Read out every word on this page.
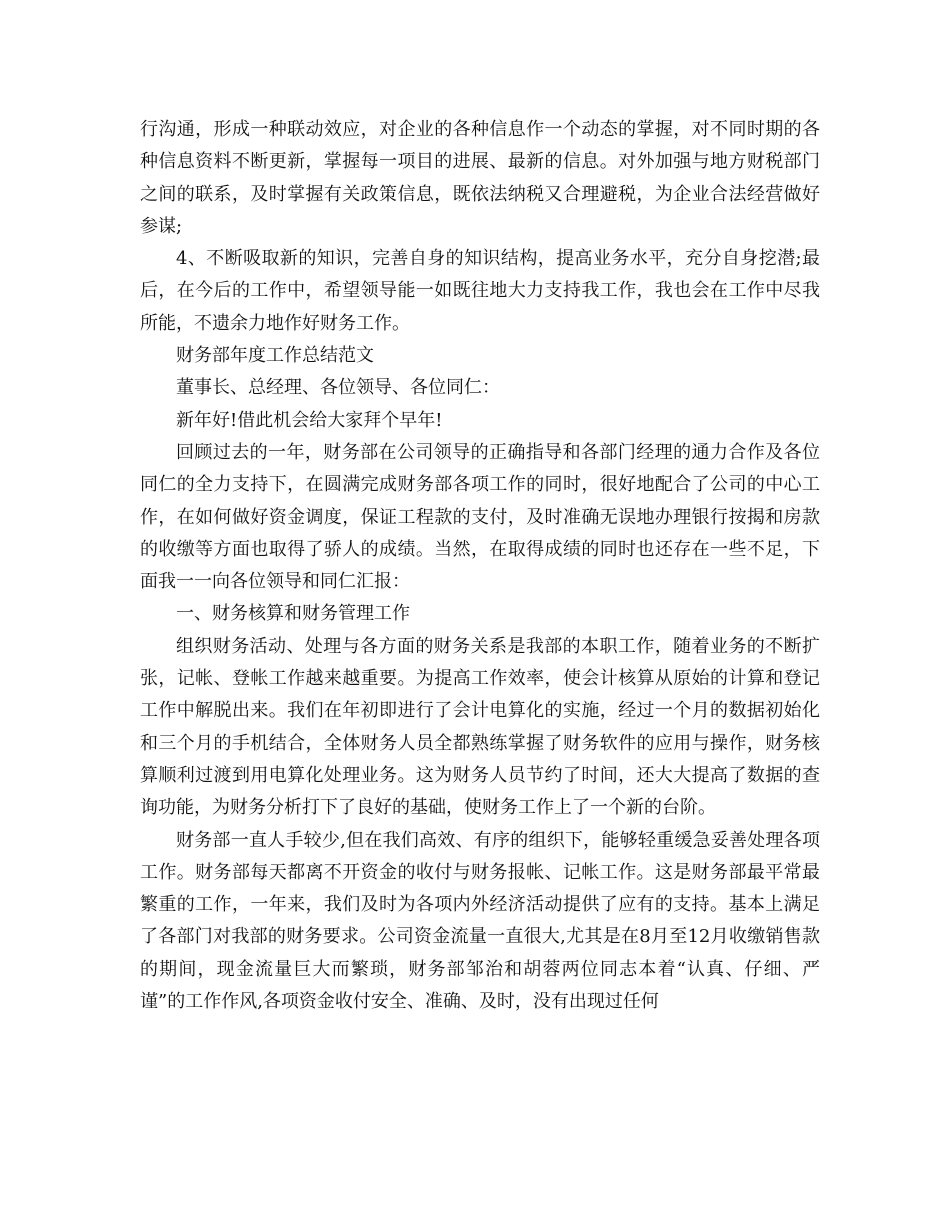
行沟通，形成一种联动效应，对企业的各种信息作一个动态的掌握，对不同时期的各种信息资料不断更新，掌握每一项目的进展、最新的信息。对外加强与地方财税部门之间的联系，及时掌握有关政策信息，既依法纳税又合理避税，为企业合法经营做好参谋;

4、不断吸取新的知识，完善自身的知识结构，提高业务水平，充分自身挖潜;最后，在今后的工作中，希望领导能一如既往地大力支持我工作，我也会在工作中尽我所能，不遗余力地作好财务工作。

财务部年度工作总结范文

董事长、总经理、各位领导、各位同仁：

新年好!借此机会给大家拜个早年!

回顾过去的一年，财务部在公司领导的正确指导和各部门经理的通力合作及各位同仁的全力支持下，在圆满完成财务部各项工作的同时，很好地配合了公司的中心工作，在如何做好资金调度，保证工程款的支付，及时准确无误地办理银行按揭和房款的收缴等方面也取得了骄人的成绩。当然，在取得成绩的同时也还存在一些不足，下面我一一向各位领导和同仁汇报：

一、财务核算和财务管理工作

组织财务活动、处理与各方面的财务关系是我部的本职工作，随着业务的不断扩张，记帐、登帐工作越来越重要。为提高工作效率，使会计核算从原始的计算和登记工作中解脱出来。我们在年初即进行了会计电算化的实施，经过一个月的数据初始化和三个月的手机结合，全体财务人员全都熟练掌握了财务软件的应用与操作，财务核算顺利过渡到用电算化处理业务。这为财务人员节约了时间，还大大提高了数据的查询功能，为财务分析打下了良好的基础，使财务工作上了一个新的台阶。

财务部一直人手较少,但在我们高效、有序的组织下，能够轻重缓急妥善处理各项工作。财务部每天都离不开资金的收付与财务报帐、记帐工作。这是财务部最平常最繁重的工作，一年来，我们及时为各项内外经济活动提供了应有的支持。基本上满足了各部门对我部的财务要求。公司资金流量一直很大,尤其是在8月至12月收缴销售款的期间，现金流量巨大而繁琐，财务部邹治和胡蓉两位同志本着“认真、仔细、严谨”的工作作风,各项资金收付安全、准确、及时，没有出现过任何
